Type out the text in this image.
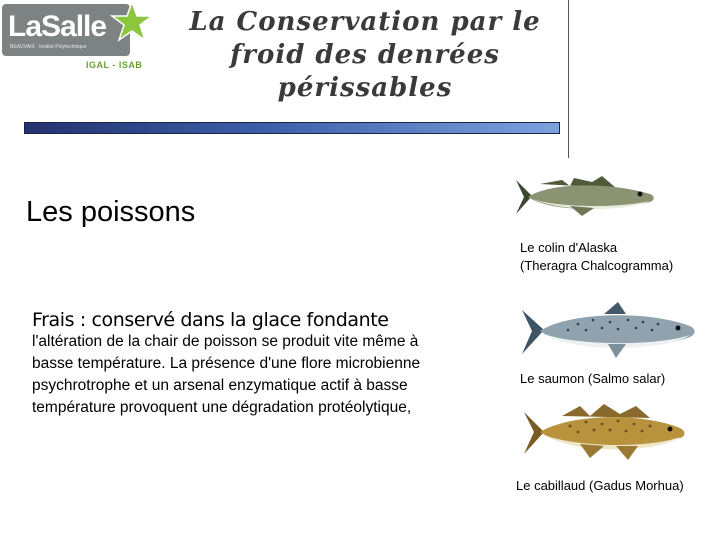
LaSalle
BEAUVAIS · Institut Polytechnique
IGAL - ISAB
La Conservation par le
froid des denrées
périssables
Les poissons
Frais : conservé dans la glace fondante
l'altération de la chair de poisson se produit vite même à basse température. La présence d'une flore microbienne psychrotrophe et un arsenal enzymatique actif à basse température provoquent une dégradation protéolytique,
Le colin d'Alaska
(Theragra Chalcogramma)
Le saumon (Salmo salar)
Le cabillaud (Gadus Morhua)
